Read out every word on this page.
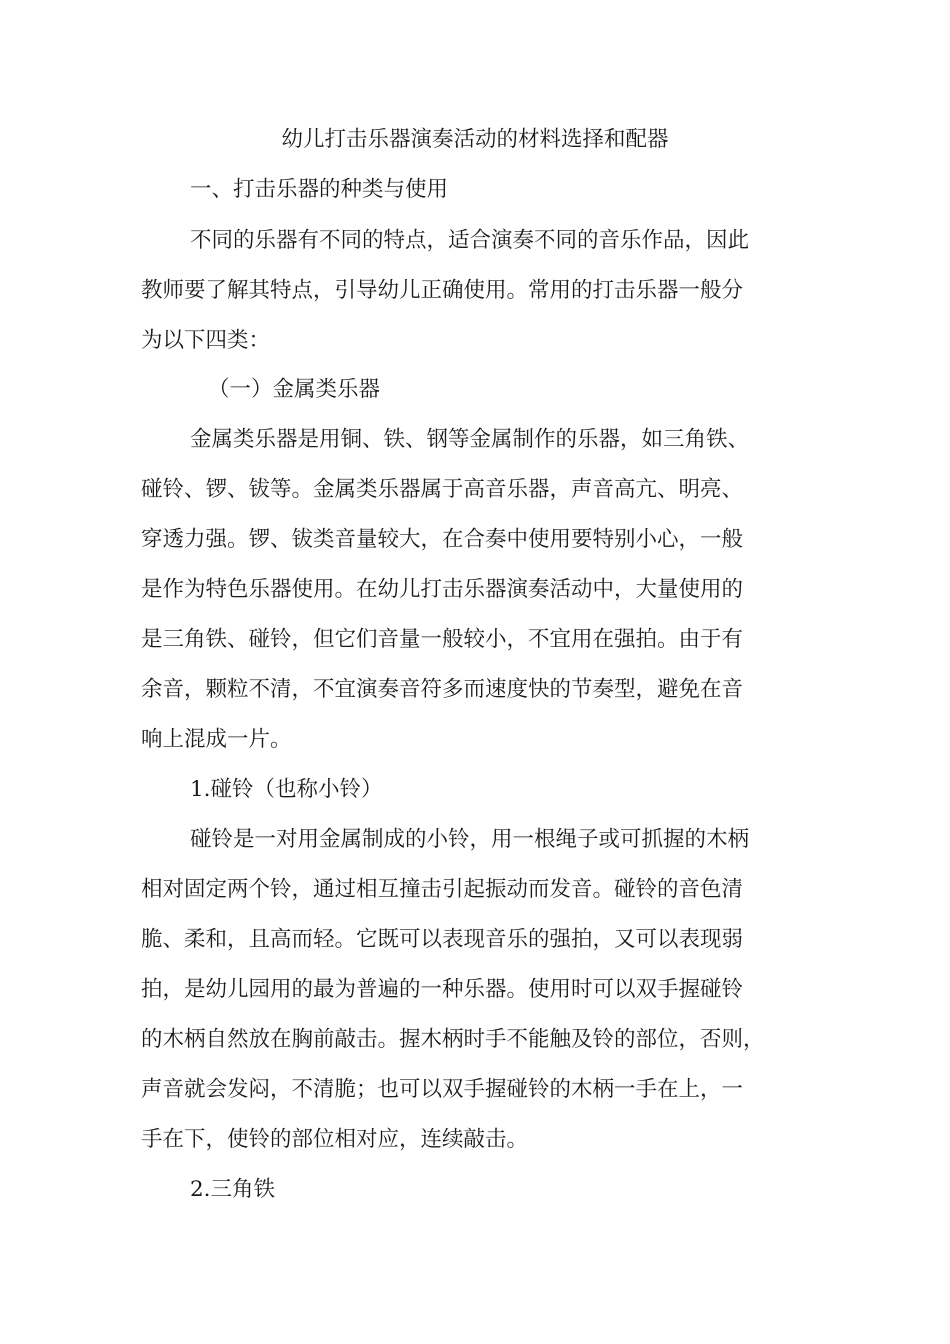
幼儿打击乐器演奏活动的材料选择和配器

一、打击乐器的种类与使用

不同的乐器有不同的特点，适合演奏不同的音乐作品，因此

教师要了解其特点，引导幼儿正确使用。常用的打击乐器一般分

为以下四类：

（一）金属类乐器

金属类乐器是用铜、铁、钢等金属制作的乐器，如三角铁、

碰铃、锣、钹等。金属类乐器属于高音乐器，声音高亢、明亮、

穿透力强。锣、钹类音量较大，在合奏中使用要特别小心，一般

是作为特色乐器使用。在幼儿打击乐器演奏活动中，大量使用的

是三角铁、碰铃，但它们音量一般较小，不宜用在强拍。由于有

余音，颗粒不清，不宜演奏音符多而速度快的节奏型，避免在音

响上混成一片。

1.碰铃（也称小铃）

碰铃是一对用金属制成的小铃，用一根绳子或可抓握的木柄

相对固定两个铃，通过相互撞击引起振动而发音。碰铃的音色清

脆、柔和，且高而轻。它既可以表现音乐的强拍，又可以表现弱

拍，是幼儿园用的最为普遍的一种乐器。使用时可以双手握碰铃

的木柄自然放在胸前敲击。握木柄时手不能触及铃的部位，否则，

声音就会发闷，不清脆；也可以双手握碰铃的木柄一手在上，一

手在下，使铃的部位相对应，连续敲击。

2.三角铁
